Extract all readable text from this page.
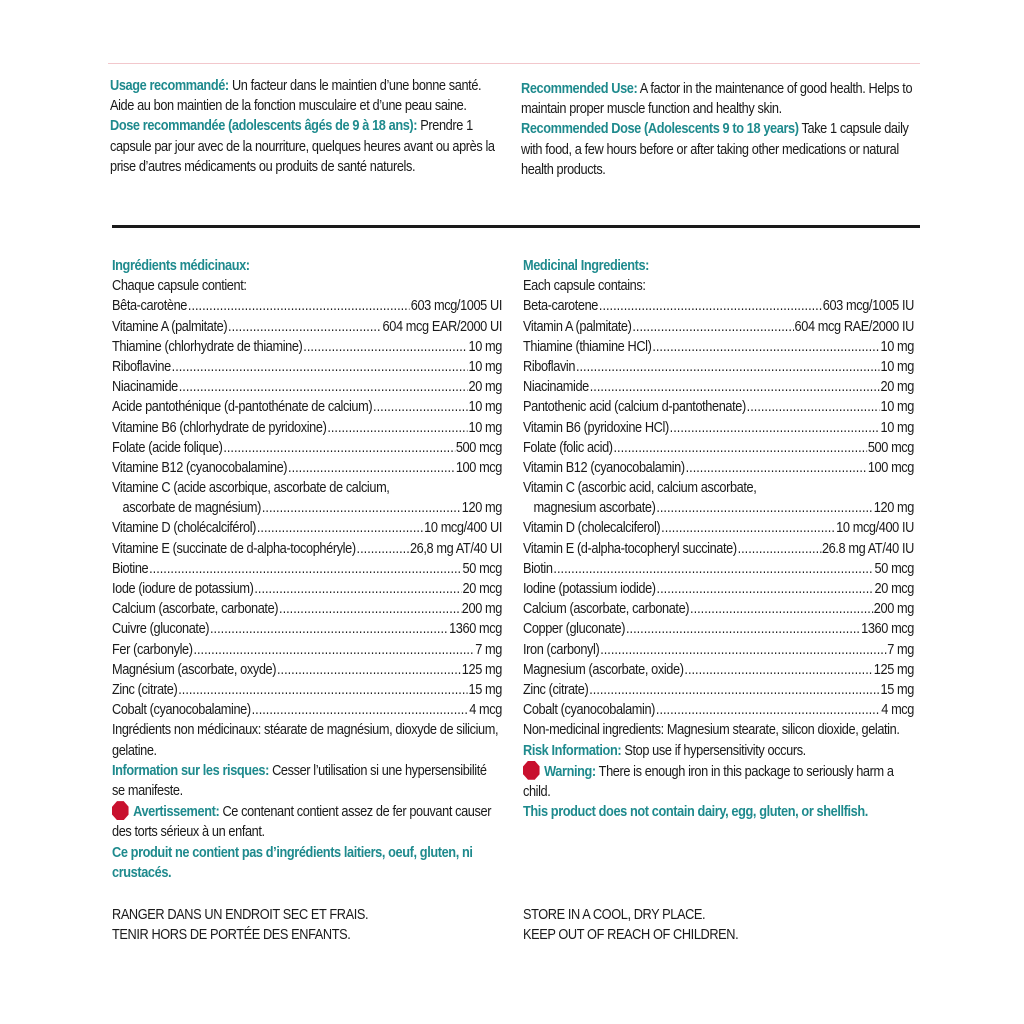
Usage recommandé: Un facteur dans le maintien d’une bonne santé. Aide au bon maintien de la fonction musculaire et d’une peau saine.

Dose recommandée (adolescents âgés de 9 à 18 ans): Prendre 1 capsule par jour avec de la nourriture, quelques heures avant ou après la prise d’autres médicaments ou produits de santé naturels.

Recommended Use: A factor in the maintenance of good health. Helps to maintain proper muscle function and healthy skin.

Recommended Dose (Adolescents 9 to 18 years) Take 1 capsule daily with food, a few hours before or after taking other medications or natural health products.

Ingrédients médicinaux:
Chaque capsule contient:
Bêta-carotène .....	603 mcg/1005 UI
Vitamine A (palmitate) .....	604 mcg EAR/2000 UI
Thiamine (chlorhydrate de thiamine) .....	10 mg
Riboflavine .....	10 mg
Niacinamide .....	20 mg
Acide pantothénique (d-pantothénate de calcium) .....	10 mg
Vitamine B6 (chlorhydrate de pyridoxine) .....	10 mg
Folate (acide folique) .....	500 mcg
Vitamine B12 (cyanocobalamine) .....	100 mcg
Vitamine C (acide ascorbique, ascorbate de calcium,
ascorbate de magnésium) .....	120 mg
Vitamine D (cholécalciférol) .....	10 mcg/400 UI
Vitamine E (succinate de d-alpha-tocophéryle) .....	26,8 mg AT/40 UI
Biotine .....	50 mcg
Iode (iodure de potassium) .....	20 mcg
Calcium (ascorbate, carbonate) .....	200 mg
Cuivre (gluconate) .....	1360 mcg
Fer (carbonyle) .....	7 mg
Magnésium (ascorbate, oxyde) .....	125 mg
Zinc (citrate) .....	15 mg
Cobalt (cyanocobalamine) .....	4 mcg

Ingrédients non médicinaux: stéarate de magnésium, dioxyde de silicium, gelatine.

Information sur les risques: Cesser l’utilisation si une hypersensibilité se manifeste.

Avertissement: Ce contenant contient assez de fer pouvant causer des torts sérieux à un enfant.

Ce produit ne contient pas d’ingrédients laitiers, oeuf, gluten, ni crustacés.

Medicinal Ingredients:
Each capsule contains:
Beta-carotene .....	603 mcg/1005 IU
Vitamin A (palmitate) .....	604 mcg RAE/2000 IU
Thiamine (thiamine HCl) .....	10 mg
Riboflavin .....	10 mg
Niacinamide .....	20 mg
Pantothenic acid (calcium d-pantothenate) .....	10 mg
Vitamin B6 (pyridoxine HCl) .....	10 mg
Folate (folic acid) .....	500 mcg
Vitamin B12 (cyanocobalamin) .....	100 mcg
Vitamin C (ascorbic acid, calcium ascorbate,
magnesium ascorbate) .....	120 mg
Vitamin D (cholecalciferol) .....	10 mcg/400 IU
Vitamin E (d-alpha-tocopheryl succinate) .....	26.8 mg AT/40 IU
Biotin .....	50 mcg
Iodine (potassium iodide) .....	20 mcg
Calcium (ascorbate, carbonate) .....	200 mg
Copper (gluconate) .....	1360 mcg
Iron (carbonyl) .....	7 mg
Magnesium (ascorbate, oxide) .....	125 mg
Zinc (citrate) .....	15 mg
Cobalt (cyanocobalamin) .....	4 mcg

Non-medicinal ingredients: Magnesium stearate, silicon dioxide, gelatin.

Risk Information: Stop use if hypersensitivity occurs.

Warning: There is enough iron in this package to seriously harm a child.

This product does not contain dairy, egg, gluten, or shellfish.

RANGER DANS UN ENDROIT SEC ET FRAIS.
TENIR HORS DE PORTÉE DES ENFANTS.
STORE IN A COOL, DRY PLACE.
KEEP OUT OF REACH OF CHILDREN.
